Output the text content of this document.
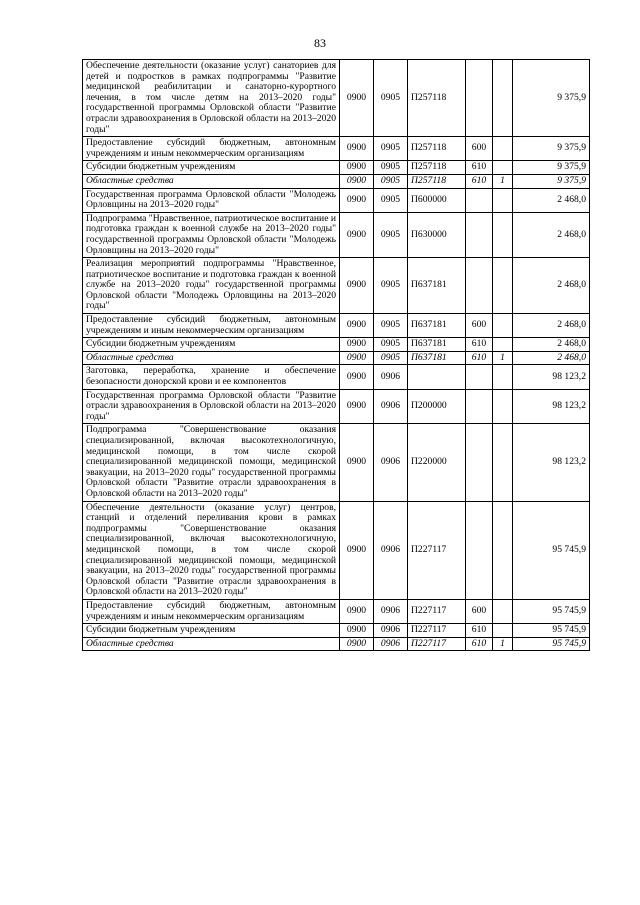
83
Обеспечение деятельности (оказание услуг) санаториев для детей и подростков в рамках подпрограммы "Развитие медицинской реабилитации и санаторно-курортного лечения, в том числе детям на 2013–2020 годы" государственной программы Орловской области "Развитие отрасли здравоохранения в Орловской области на 2013–2020 годы"	0900	0905	П257118			9 375,9
Предоставление субсидий бюджетным, автономным учреждениям и иным некоммерческим организациям	0900	0905	П257118	600		9 375,9
Субсидии бюджетным учреждениям	0900	0905	П257118	610		9 375,9
Областные средства	0900	0905	П257118	610	1	9 375,9
Государственная программа Орловской области "Молодежь Орловщины на 2013–2020 годы"	0900	0905	П600000			2 468,0
Подпрограмма "Нравственное, патриотическое воспитание и подготовка граждан к военной службе на 2013–2020 годы" государственной программы Орловской области "Молодежь Орловщины на 2013–2020 годы"	0900	0905	П630000			2 468,0
Реализация мероприятий подпрограммы "Нравственное, патриотическое воспитание и подготовка граждан к военной службе на 2013–2020 годы" государственной программы Орловской области "Молодежь Орловщины на 2013–2020 годы"	0900	0905	П637181			2 468,0
Предоставление субсидий бюджетным, автономным учреждениям и иным некоммерческим организациям	0900	0905	П637181	600		2 468,0
Субсидии бюджетным учреждениям	0900	0905	П637181	610		2 468,0
Областные средства	0900	0905	П637181	610	1	2 468,0
Заготовка, переработка, хранение и обеспечение безопасности донорской крови и ее компонентов	0900	0906				98 123,2
Государственная программа Орловской области "Развитие отрасли здравоохранения в Орловской области на 2013–2020 годы"	0900	0906	П200000			98 123,2
Подпрограмма "Совершенствование оказания специализированной, включая высокотехнологичную, медицинской помощи, в том числе скорой специализированной медицинской помощи, медицинской эвакуации, на 2013–2020 годы" государственной программы Орловской области "Развитие отрасли здравоохранения в Орловской области на 2013–2020 годы"	0900	0906	П220000			98 123,2
Обеспечение деятельности (оказание услуг) центров, станций и отделений переливания крови в рамках подпрограммы "Совершенствование оказания специализированной, включая высокотехнологичную, медицинской помощи, в том числе скорой специализированной медицинской помощи, медицинской эвакуации, на 2013–2020 годы" государственной программы Орловской области "Развитие отрасли здравоохранения в Орловской области на 2013–2020 годы"	0900	0906	П227117			95 745,9
Предоставление субсидий бюджетным, автономным учреждениям и иным некоммерческим организациям	0900	0906	П227117	600		95 745,9
Субсидии бюджетным учреждениям	0900	0906	П227117	610		95 745,9
Областные средства	0900	0906	П227117	610	1	95 745,9
